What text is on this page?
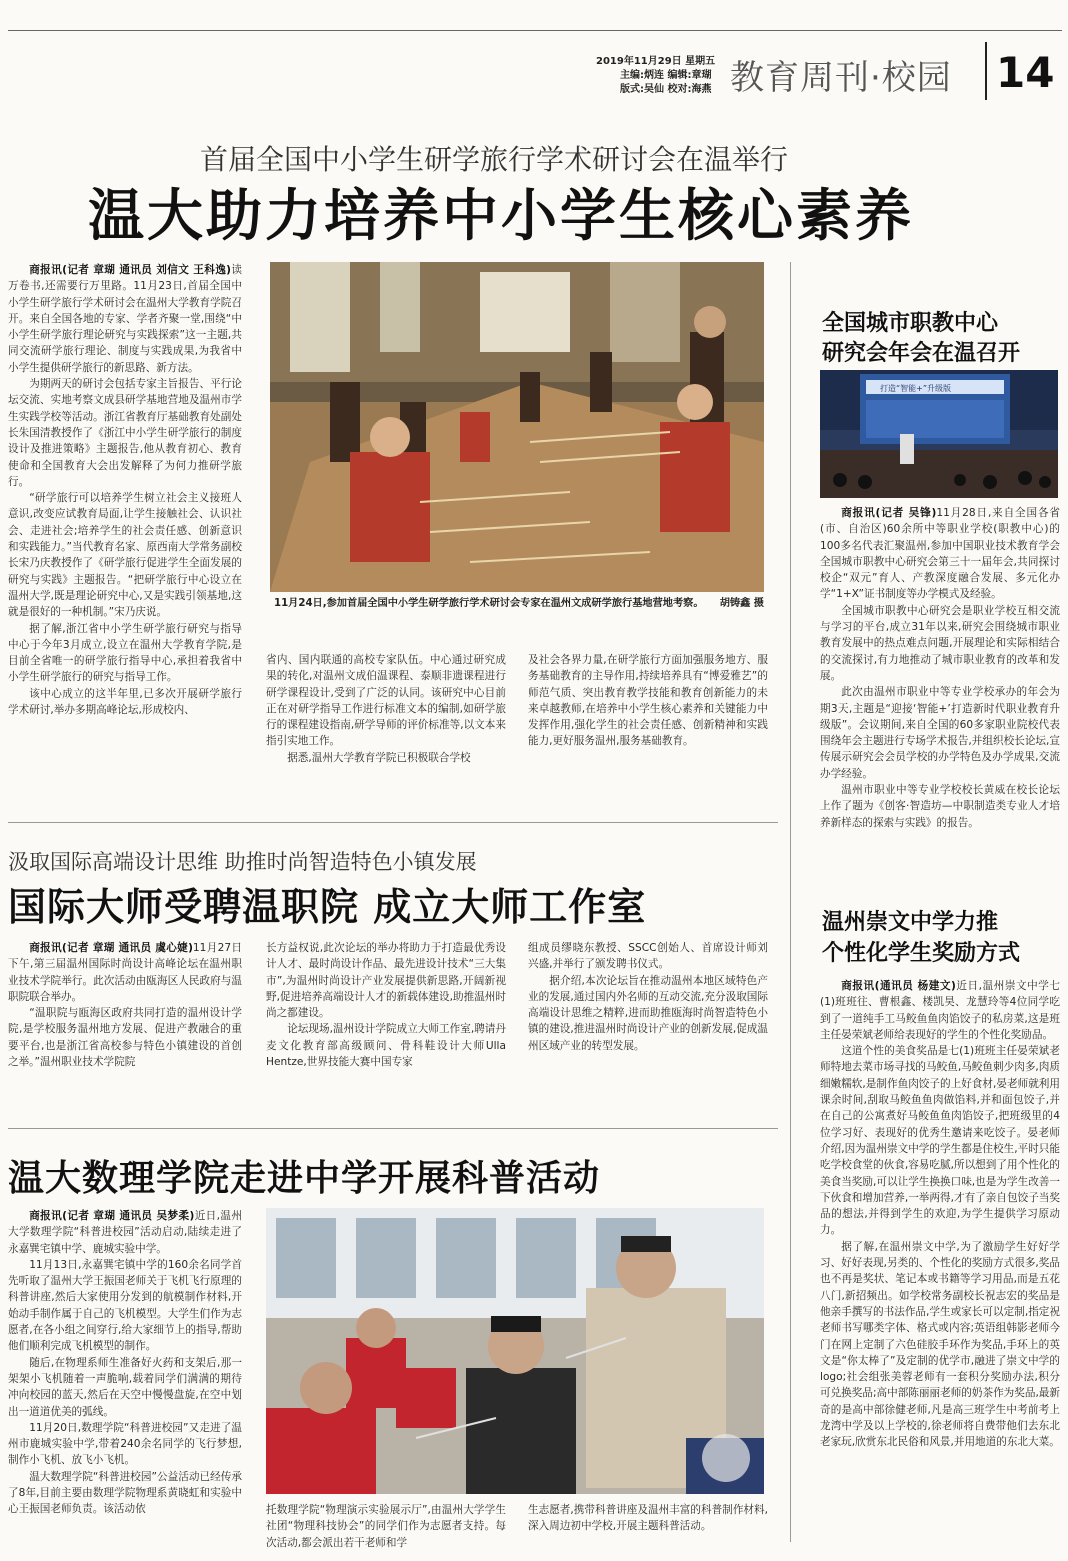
2019年11月29日 星期五
主编:炳连 编辑:章瑚
版式:吴仙 校对:海燕 教育周刊·校园 14
首届全国中小学生研学旅行学术研讨会在温举行
温大助力培养中小学生核心素养

商报讯(记者 章瑚 通讯员 刘信文 王科逸)读万卷书,还需要行万里路。11月23日,首届全国中小学生研学旅行学术研讨会在温州大学教育学院召开。来自全国各地的专家、学者齐聚一堂,围绕“中小学生研学旅行理论研究与实践探索”这一主题,共同交流研学旅行理论、制度与实践成果,为我省中小学生提供研学旅行的新思路、新方法。

为期两天的研讨会包括专家主旨报告、平行论坛交流、实地考察文成县研学基地营地及温州市学生实践学校等活动。浙江省教育厅基础教育处副处长朱国清教授作了《浙江中小学生研学旅行的制度设计及推进策略》主题报告,他从教育初心、教育使命和全国教育大会出发解释了为何力推研学旅行。

“研学旅行可以培养学生树立社会主义接班人意识,改变应试教育局面,让学生接触社会、认识社会、走进社会;培养学生的社会责任感、创新意识和实践能力。”当代教育名家、原西南大学常务副校长宋乃庆教授作了《研学旅行促进学生全面发展的研究与实践》主题报告。“把研学旅行中心设立在温州大学,既是理论研究中心,又是实践引领基地,这就是很好的一种机制。”宋乃庆说。

据了解,浙江省中小学生研学旅行研究与指导中心于今年3月成立,设立在温州大学教育学院,是目前全省唯一的研学旅行指导中心,承担着我省中小学生研学旅行的研究与指导工作。

该中心成立的这半年里,已多次开展研学旅行学术研讨,举办多期高峰论坛,形成校内、

11月24日,参加首届全国中小学生研学旅行学术研讨会专家在温州文成研学旅行基地营地考察。 胡铸鑫 摄

省内、国内联通的高校专家队伍。中心通过研究成果的转化,对温州文成伯温课程、泰顺非遗课程进行研学课程设计,受到了广泛的认同。该研究中心目前正在对研学指导工作进行标准文本的编制,如研学旅行的课程建设指南,研学导师的评价标准等,以文本来指引实地工作。

据悉,温州大学教育学院已积极联合学校

及社会各界力量,在研学旅行方面加强服务地方、服务基础教育的主导作用,持续培养具有“博爱雅艺”的师范气质、突出教育教学技能和教育创新能力的未来卓越教师,在培养中小学生核心素养和关键能力中发挥作用,强化学生的社会责任感、创新精神和实践能力,更好服务温州,服务基础教育。

全国城市职教中心
研究会年会在温召开
打造“智能+”升级版

商报讯(记者 吴锋)11月28日,来自全国各省(市、自治区)60余所中等职业学校(职教中心)的100多名代表汇聚温州,参加中国职业技术教育学会全国城市职教中心研究会第三十一届年会,共同探讨校企“双元”育人、产教深度融合发展、多元化办学“1+X”证书制度等办学模式及经验。

全国城市职教中心研究会是职业学校互相交流与学习的平台,成立31年以来,研究会围绕城市职业教育发展中的热点难点问题,开展理论和实际相结合的交流探讨,有力地推动了城市职业教育的改革和发展。

此次由温州市职业中等专业学校承办的年会为期3天,主题是“迎接‘智能+’打造新时代职业教育升级版”。会议期间,来自全国的60多家职业院校代表围绕年会主题进行专场学术报告,并组织校长论坛,宣传展示研究会会员学校的办学特色及办学成果,交流办学经验。

温州市职业中等专业学校校长黄威在校长论坛上作了题为《创客·智造坊—中职制造类专业人才培养新样态的探索与实践》的报告。

汲取国际高端设计思维 助推时尚智造特色小镇发展
国际大师受聘温职院 成立大师工作室

商报讯(记者 章瑚 通讯员 虞心婕)11月27日下午,第三届温州国际时尚设计高峰论坛在温州职业技术学院举行。此次活动由瓯海区人民政府与温职院联合举办。

“温职院与瓯海区政府共同打造的温州设计学院,是学校服务温州地方发展、促进产教融合的重要平台,也是浙江省高校参与特色小镇建设的首创之举。”温州职业技术学院院

长方益权说,此次论坛的举办将助力于打造最优秀设计人才、最时尚设计作品、最先进设计技术“三大集市”,为温州时尚设计产业发展提供新思路,开阔新视野,促进培养高端设计人才的新载体建设,助推温州时尚之都建设。

论坛现场,温州设计学院成立大师工作室,聘请丹麦文化教育部高级顾问、骨科鞋设计大师Ulla Hentze,世界技能大赛中国专家

组成员缪晓东教授、SSCC创始人、首席设计师刘兴盛,并举行了颁发聘书仪式。

据介绍,本次论坛旨在推动温州本地区域特色产业的发展,通过国内外名师的互动交流,充分汲取国际高端设计思维之精粹,进而助推瓯海时尚智造特色小镇的建设,推进温州时尚设计产业的创新发展,促成温州区域产业的转型发展。

温州崇文中学力推
个性化学生奖励方式

商报讯(通讯员 杨建文)近日,温州崇文中学七(1)班班往、曹根鑫、楼凯昊、龙慧玲等4位同学吃到了一道纯手工马鲛鱼鱼肉馅饺子的私房菜,这是班主任晏荣斌老师给表现好的学生的个性化奖励品。

这道个性的美食奖品是七(1)班班主任晏荣斌老师特地去菜市场寻找的马鲛鱼,马鲛鱼刺少肉多,肉质细嫩糯软,是制作鱼肉饺子的上好食材,晏老师就利用课余时间,刮取马鲛鱼鱼肉做馅料,并和面包饺子,并在自己的公寓煮好马鲛鱼鱼肉馅饺子,把班级里的4位学习好、表现好的优秀生邀请来吃饺子。晏老师介绍,因为温州崇文中学的学生都是住校生,平时只能吃学校食堂的伙食,容易吃腻,所以想到了用个性化的美食当奖励,可以让学生换换口味,也是为学生改善一下伙食和增加营养,一举两得,才有了亲自包饺子当奖品的想法,并得到学生的欢迎,为学生提供学习原动力。

据了解,在温州崇文中学,为了激励学生好好学习、好好表现,另类的、个性化的奖励方式很多,奖品也不再是奖状、笔记本或书籍等学习用品,而是五花八门,新招频出。如学校常务副校长祝志宏的奖品是他亲手撰写的书法作品,学生或家长可以定制,指定祝老师书写哪类字体、格式或内容;英语组韩影老师今门在网上定制了六色硅胶手环作为奖品,手环上的英文是“你太棒了”及定制的优学市,融进了崇文中学的logo;社会组张美蓉老师有一套积分奖励办法,积分可兑换奖品;高中部陈丽丽老师的奶茶作为奖品,最新奇的是高中部徐健老师,凡是高三班学生中考前考上龙湾中学及以上学校的,徐老师将自费带他们去东北老家玩,欣赏东北民俗和风景,并用地道的东北大菜。

温大数理学院走进中学开展科普活动

商报讯(记者 章瑚 通讯员 吴梦柔)近日,温州大学数理学院“科普进校园”活动启动,陆续走进了永嘉巽宅镇中学、鹿城实验中学。

11月13日,永嘉巽宅镇中学的160余名同学首先听取了温州大学王振国老师关于飞机飞行原理的科普讲座,然后大家使用分发到的航模制作材料,开始动手制作属于自己的飞机模型。大学生们作为志愿者,在各小组之间穿行,给大家细节上的指导,帮助他们顺利完成飞机模型的制作。

随后,在物理系师生准备好火药和支架后,那一架架小飞机随着一声脆响,载着同学们满满的期待冲向校园的蓝天,然后在天空中慢慢盘旋,在空中划出一道道优美的弧线。

11月20日,数理学院“科普进校园”又走进了温州市鹿城实验中学,带着240余名同学的飞行梦想,制作小飞机、放飞小飞机。

温大数理学院“科普进校园”公益活动已经传承了8年,目前主要由数理学院物理系黄晓虹和实验中心王振国老师负责。该活动依	托数理学院“物理演示实验展示厅”,由温州大学学生社团“物理科技协会”的同学们作为志愿者支持。每次活动,都会派出若干老师和学

生志愿者,携带科普讲座及温州丰富的科普制作材料,深入周边初中学校,开展主题科普活动。
